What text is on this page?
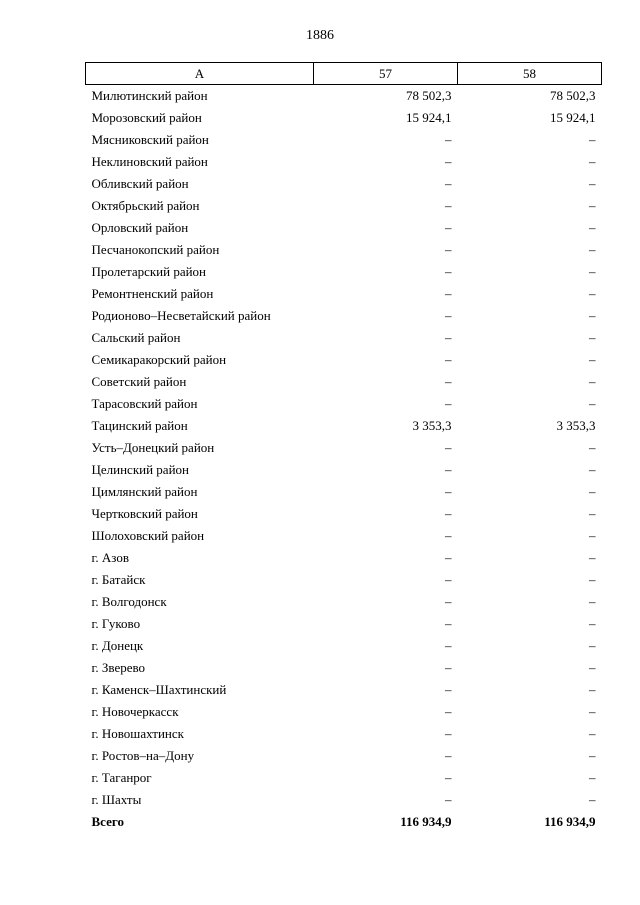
1886
А	57	58
Милютинский район	78 502,3	78 502,3
Морозовский район	15 924,1	15 924,1
Мясниковский район	–	–
Неклиновский район	–	–
Обливский район	–	–
Октябрьский район	–	–
Орловский район	–	–
Песчанокопский район	–	–
Пролетарский район	–	–
Ремонтненский район	–	–
Родионово–Несветайский район	–	–
Сальский район	–	–
Семикаракорский район	–	–
Советский район	–	–
Тарасовский район	–	–
Тацинский район	3 353,3	3 353,3
Усть–Донецкий район	–	–
Целинский район	–	–
Цимлянский район	–	–
Чертковский район	–	–
Шолоховский район	–	–
г. Азов	–	–
г. Батайск	–	–
г. Волгодонск	–	–
г. Гуково	–	–
г. Донецк	–	–
г. Зверево	–	–
г. Каменск–Шахтинский	–	–
г. Новочеркасск	–	–
г. Новошахтинск	–	–
г. Ростов–на–Дону	–	–
г. Таганрог	–	–
г. Шахты	–	–
Всего	116 934,9	116 934,9
